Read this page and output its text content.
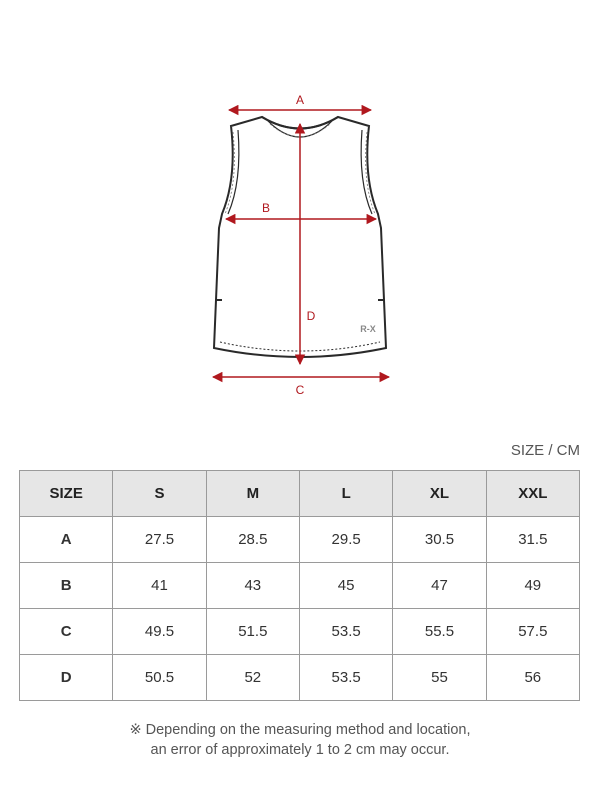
R-X
A
B
D
C
SIZE / CM
SIZE	S	M	L	XL	XXL
A	27.5	28.5	29.5	30.5	31.5
B	41	43	45	47	49
C	49.5	51.5	53.5	55.5	57.5
D	50.5	52	53.5	55	56
※ Depending on the measuring method and location,
an error of approximately 1 to 2 cm may occur.
